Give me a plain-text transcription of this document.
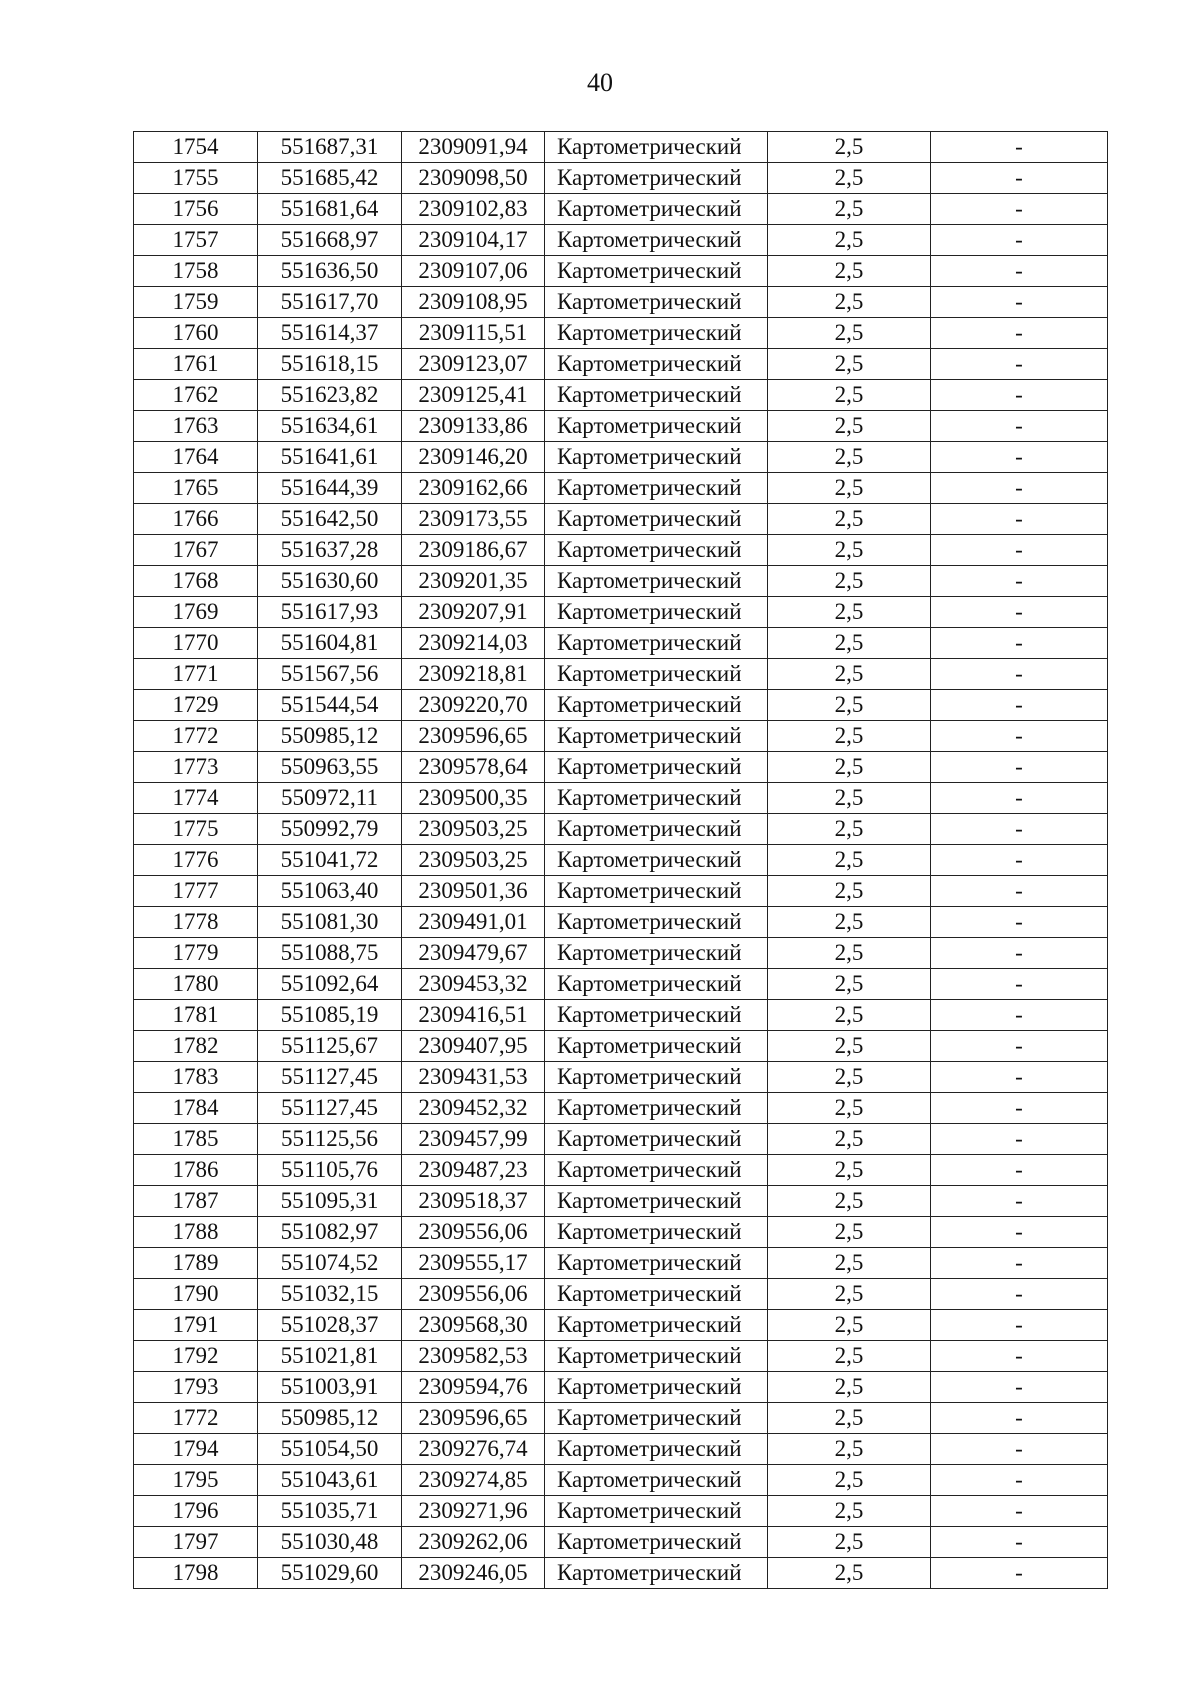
40
1754	551687,31	2309091,94	Картометрический	2,5	-
1755	551685,42	2309098,50	Картометрический	2,5	-
1756	551681,64	2309102,83	Картометрический	2,5	-
1757	551668,97	2309104,17	Картометрический	2,5	-
1758	551636,50	2309107,06	Картометрический	2,5	-
1759	551617,70	2309108,95	Картометрический	2,5	-
1760	551614,37	2309115,51	Картометрический	2,5	-
1761	551618,15	2309123,07	Картометрический	2,5	-
1762	551623,82	2309125,41	Картометрический	2,5	-
1763	551634,61	2309133,86	Картометрический	2,5	-
1764	551641,61	2309146,20	Картометрический	2,5	-
1765	551644,39	2309162,66	Картометрический	2,5	-
1766	551642,50	2309173,55	Картометрический	2,5	-
1767	551637,28	2309186,67	Картометрический	2,5	-
1768	551630,60	2309201,35	Картометрический	2,5	-
1769	551617,93	2309207,91	Картометрический	2,5	-
1770	551604,81	2309214,03	Картометрический	2,5	-
1771	551567,56	2309218,81	Картометрический	2,5	-
1729	551544,54	2309220,70	Картометрический	2,5	-
1772	550985,12	2309596,65	Картометрический	2,5	-
1773	550963,55	2309578,64	Картометрический	2,5	-
1774	550972,11	2309500,35	Картометрический	2,5	-
1775	550992,79	2309503,25	Картометрический	2,5	-
1776	551041,72	2309503,25	Картометрический	2,5	-
1777	551063,40	2309501,36	Картометрический	2,5	-
1778	551081,30	2309491,01	Картометрический	2,5	-
1779	551088,75	2309479,67	Картометрический	2,5	-
1780	551092,64	2309453,32	Картометрический	2,5	-
1781	551085,19	2309416,51	Картометрический	2,5	-
1782	551125,67	2309407,95	Картометрический	2,5	-
1783	551127,45	2309431,53	Картометрический	2,5	-
1784	551127,45	2309452,32	Картометрический	2,5	-
1785	551125,56	2309457,99	Картометрический	2,5	-
1786	551105,76	2309487,23	Картометрический	2,5	-
1787	551095,31	2309518,37	Картометрический	2,5	-
1788	551082,97	2309556,06	Картометрический	2,5	-
1789	551074,52	2309555,17	Картометрический	2,5	-
1790	551032,15	2309556,06	Картометрический	2,5	-
1791	551028,37	2309568,30	Картометрический	2,5	-
1792	551021,81	2309582,53	Картометрический	2,5	-
1793	551003,91	2309594,76	Картометрический	2,5	-
1772	550985,12	2309596,65	Картометрический	2,5	-
1794	551054,50	2309276,74	Картометрический	2,5	-
1795	551043,61	2309274,85	Картометрический	2,5	-
1796	551035,71	2309271,96	Картометрический	2,5	-
1797	551030,48	2309262,06	Картометрический	2,5	-
1798	551029,60	2309246,05	Картометрический	2,5	-
